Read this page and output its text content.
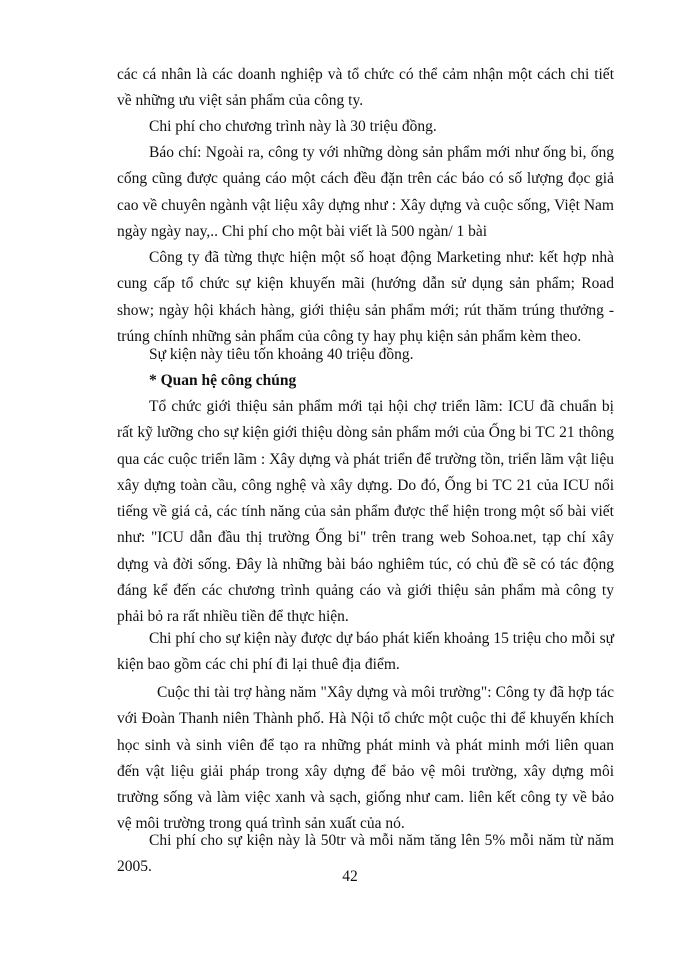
các cá nhân là các doanh nghiệp và tổ chức có thể cảm nhận một cách chi tiết về những ưu việt sản phẩm của công ty.

Chi phí cho chương trình này là 30 triệu đồng.

Báo chí: Ngoài ra, công ty với những dòng sản phẩm mới như ống bi, ống cống cũng được quảng cáo một cách đều đặn trên các báo có số lượng đọc giả cao về chuyên ngành vật liệu xây dựng như : Xây dựng và cuộc sống, Việt Nam ngày ngày nay,.. Chi phí cho một bài viết là 500 ngàn/ 1 bài

Công ty đã từng thực hiện một số hoạt động Marketing như: kết hợp nhà cung cấp tổ chức sự kiện khuyến mãi (hướng dẫn sử dụng sản phẩm; Road show; ngày hội khách hàng, giới thiệu sản phẩm mới; rút thăm trúng thưởng - trúng chính những sản phẩm của công ty hay phụ kiện sản phẩm kèm theo.

Sự kiện này tiêu tốn khoảng 40 triệu đồng.

* Quan hệ công chúng

Tổ chức giới thiệu sản phẩm mới tại hội chợ triển lãm: ICU đã chuẩn bị rất kỹ lưỡng cho sự kiện giới thiệu dòng sản phẩm mới của Ống bi TC 21 thông qua các cuộc triển lãm : Xây dựng và phát triển để trường tồn, triển lãm vật liệu xây dựng toàn cầu, công nghệ và xây dựng. Do đó, Ống bi TC 21 của ICU nổi tiếng về giá cả, các tính năng của sản phẩm được thể hiện trong một số bài viết như: "ICU dẫn đầu thị trường Ống bi" trên trang web Sohoa.net, tạp chí xây dựng và đời sống. Đây là những bài báo nghiêm túc, có chủ đề sẽ có tác động đáng kể đến các chương trình quảng cáo và giới thiệu sản phẩm mà công ty phải bỏ ra rất nhiều tiền để thực hiện.

Chi phí cho sự kiện này được dự báo phát kiến khoảng 15 triệu cho mỗi sự kiện bao gồm các chi phí đi lại thuê địa điểm.

Cuộc thi tài trợ hàng năm "Xây dựng và môi trường": Công ty đã hợp tác với Đoàn Thanh niên Thành phố. Hà Nội tổ chức một cuộc thi để khuyến khích học sinh và sinh viên để tạo ra những phát minh và phát minh mới liên quan đến vật liệu giải pháp trong xây dựng để bảo vệ môi trường, xây dựng môi trường sống và làm việc xanh và sạch, giống như cam. liên kết công ty về bảo vệ môi trường trong quá trình sản xuất của nó.

Chi phí cho sự kiện này là 50tr và mỗi năm tăng lên 5% mỗi năm từ năm 2005.

42
